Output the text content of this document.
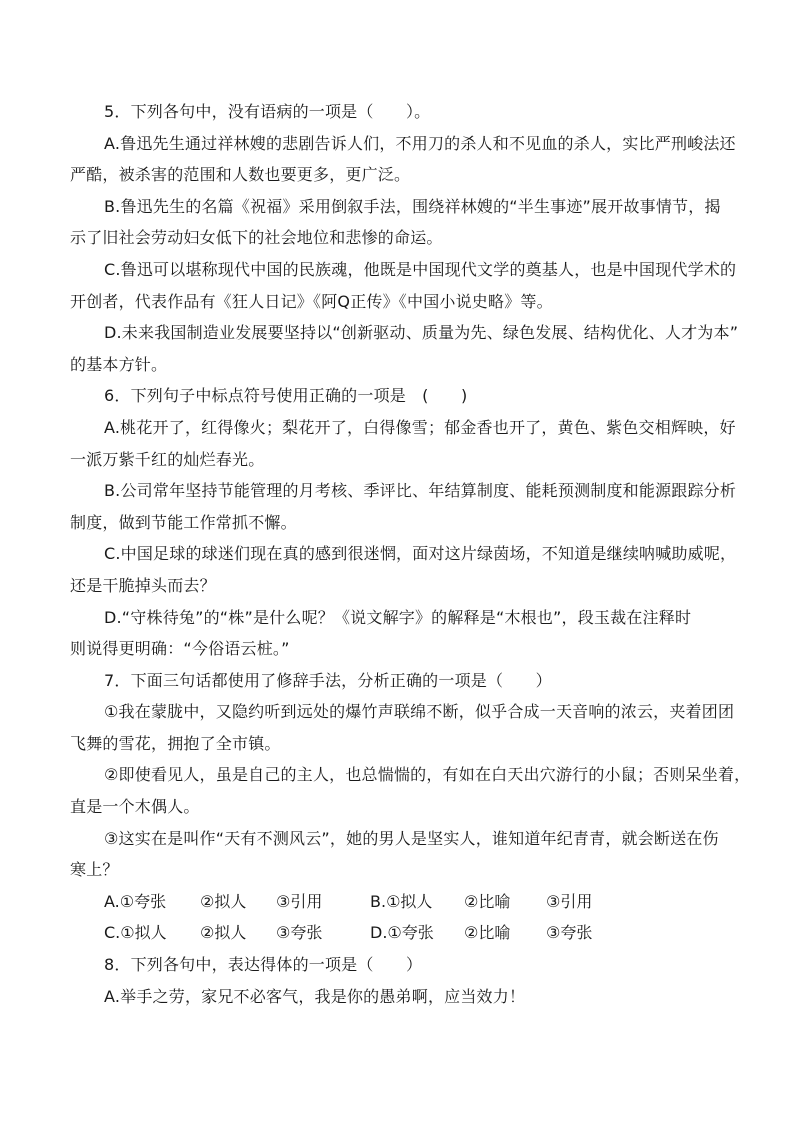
5．下列各句中，没有语病的一项是（　　）。
A.鲁迅先生通过祥林嫂的悲剧告诉人们，不用刀的杀人和不见血的杀人，实比严刑峻法还
严酷，被杀害的范围和人数也要更多，更广泛。
B.鲁迅先生的名篇《祝福》采用倒叙手法，围绕祥林嫂的“半生事迹”展开故事情节，揭
示了旧社会劳动妇女低下的社会地位和悲惨的命运。
C.鲁迅可以堪称现代中国的民族魂，他既是中国现代文学的奠基人，也是中国现代学术的
开创者，代表作品有《狂人日记》《阿Q正传》《中国小说史略》等。
D.未来我国制造业发展要坚持以“创新驱动、质量为先、绿色发展、结构优化、人才为本”
的基本方针。
6．下列句子中标点符号使用正确的一项是　(　　)
A.桃花开了，红得像火；梨花开了，白得像雪；郁金香也开了，黄色、紫色交相辉映，好
一派万紫千红的灿烂春光。
B.公司常年坚持节能管理的月考核、季评比、年结算制度、能耗预测制度和能源跟踪分析
制度，做到节能工作常抓不懈。
C.中国足球的球迷们现在真的感到很迷惘，面对这片绿茵场，不知道是继续呐喊助威呢，
还是干脆掉头而去？
D.“守株待兔”的“株”是什么呢？《说文解字》的解释是“木根也”，段玉裁在注释时
则说得更明确：“今俗语云桩。”
7．下面三句话都使用了修辞手法，分析正确的一项是（　　）
①我在蒙胧中，又隐约听到远处的爆竹声联绵不断，似乎合成一天音响的浓云，夹着团团
飞舞的雪花，拥抱了全市镇。
②即使看见人，虽是自己的主人，也总惴惴的，有如在白天出穴游行的小鼠；否则呆坐着，
直是一个木偶人。
③这实在是叫作“天有不测风云”，她的男人是坚实人，谁知道年纪青青，就会断送在伤
寒上？
A.①夸张	②拟人	③引用	B.①拟人	②比喻	③引用
C.①拟人	②拟人	③夸张	D.①夸张	②比喻	③夸张
8．下列各句中，表达得体的一项是（　　）
A.举手之劳，家兄不必客气，我是你的愚弟啊，应当效力！
